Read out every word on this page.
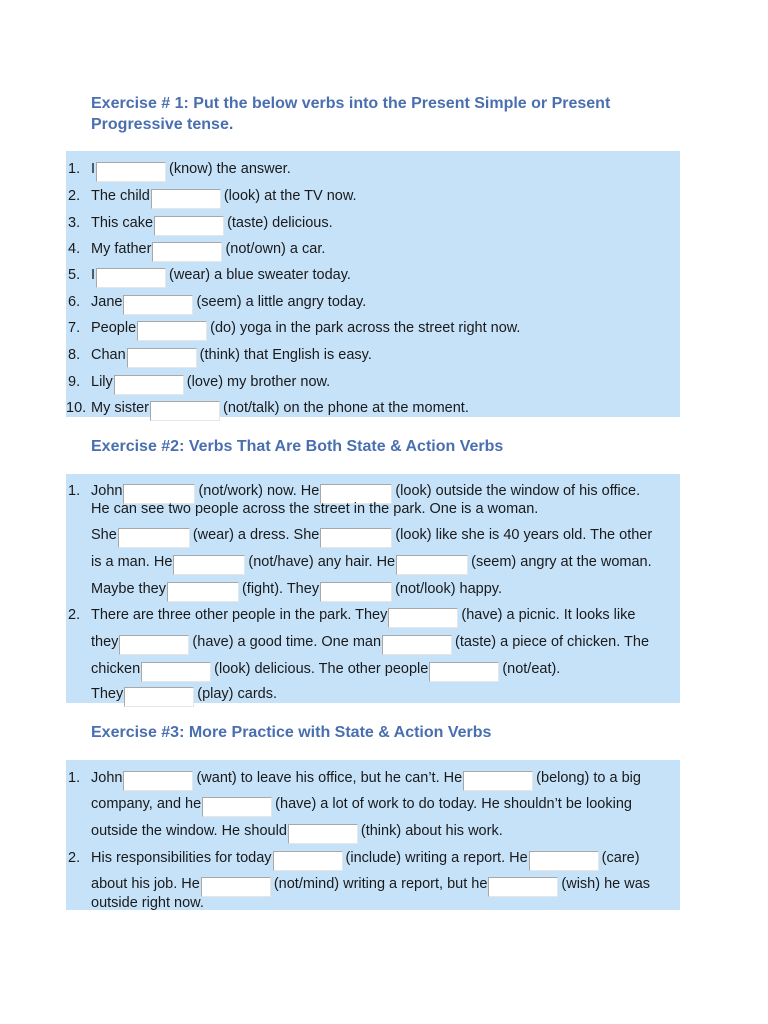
Exercise # 1: Put the below verbs into the Present Simple or Present
Progressive tense.
1. I	(know) the answer.
2. The child	(look) at the TV now.
3. This cake	(taste) delicious.
4. My father	(not/own) a car.
5. I	(wear) a blue sweater today.
6. Jane	(seem) a little angry today.
7. People	(do) yoga in the park across the street right now.
8. Chan	(think) that English is easy.
9. Lily	(love) my brother now.
10. My sister	(not/talk) on the phone at the moment.
Exercise #2: Verbs That Are Both State & Action Verbs
1. John	(not/work) now. He	(look) outside the window of his office.
He can see two people across the street in the park. One is a woman.
She	(wear) a dress. She	(look) like she is 40 years old. The other
is a man. He	(not/have) any hair. He	(seem) angry at the woman.
Maybe they	(fight). They	(not/look) happy.
2. There are three other people in the park. They	(have) a picnic. It looks like
they	(have) a good time. One man	(taste) a piece of chicken. The
chicken	(look) delicious. The other people	(not/eat).
They	(play) cards.
Exercise #3: More Practice with State & Action Verbs
1. John	(want) to leave his office, but he can’t. He	(belong) to a big
company, and he	(have) a lot of work to do today. He shouldn’t be looking
outside the window. He should	(think) about his work.
2. His responsibilities for today	(include) writing a report. He	(care)
about his job. He	(not/mind) writing a report, but he	(wish) he was
outside right now.
